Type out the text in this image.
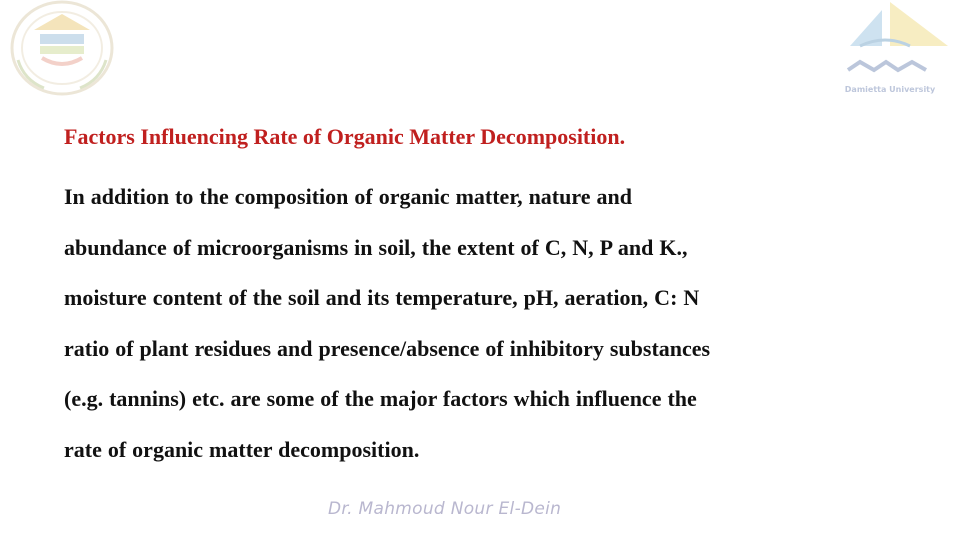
Damietta University
Factors Influencing Rate of Organic Matter Decomposition.
In addition to the composition of organic matter, nature and
abundance of microorganisms in soil, the extent of C, N, P and K.,
moisture content of the soil and its temperature, pH, aeration, C: N
ratio of plant residues and presence/absence of inhibitory substances
(e.g. tannins) etc. are some of the major factors which influence the
rate of organic matter decomposition.
Dr. Mahmoud Nour El-Dein
